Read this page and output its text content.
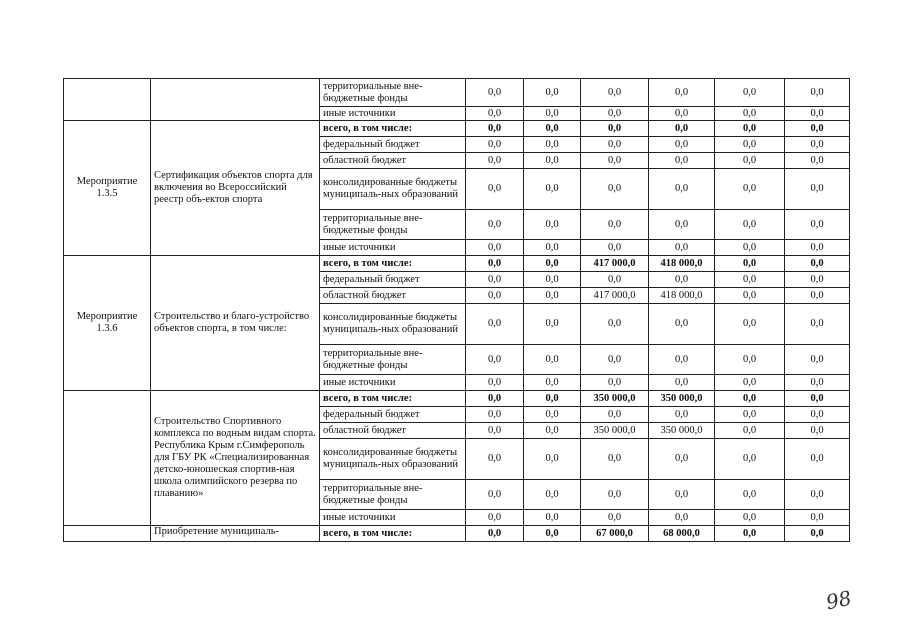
		территориальные вне-бюджетные фонды	0,0	0,0	0,0	0,0	0,0	0,0
		иные источники	0,0	0,0	0,0	0,0	0,0	0,0
Мероприятие 1.3.5	Сертификация объектов спорта для включения во Всероссийский реестр объ-ектов спорта	всего, в том числе:	0,0	0,0	0,0	0,0	0,0	0,0
		федеральный бюджет	0,0	0,0	0,0	0,0	0,0	0,0
		областной бюджет	0,0	0,0	0,0	0,0	0,0	0,0
		консолидированные бюджеты муниципаль-ных образований	0,0	0,0	0,0	0,0	0,0	0,0
		территориальные вне-бюджетные фонды	0,0	0,0	0,0	0,0	0,0	0,0
		иные источники	0,0	0,0	0,0	0,0	0,0	0,0
Мероприятие 1.3.6	Строительство и благо-устройство объектов спорта, в том числе:	всего, в том числе:	0,0	0,0	417 000,0	418 000,0	0,0	0,0
		федеральный бюджет	0,0	0,0	0,0	0,0	0,0	0,0
		областной бюджет	0,0	0,0	417 000,0	418 000,0	0,0	0,0
		консолидированные бюджеты муниципаль-ных образований	0,0	0,0	0,0	0,0	0,0	0,0
		территориальные вне-бюджетные фонды	0,0	0,0	0,0	0,0	0,0	0,0
		иные источники	0,0	0,0	0,0	0,0	0,0	0,0
	Строительство Спортивного комплекса по водным видам спорта. Республика Крым г.Симферополь для ГБУ РК «Специализированная детско-юношеская спортив-ная школа олимпийского резерва по плаванию»	всего, в том числе:	0,0	0,0	350 000,0	350 000,0	0,0	0,0
		федеральный бюджет	0,0	0,0	0,0	0,0	0,0	0,0
		областной бюджет	0,0	0,0	350 000,0	350 000,0	0,0	0,0
		консолидированные бюджеты муниципаль-ных образований	0,0	0,0	0,0	0,0	0,0	0,0
		территориальные вне-бюджетные фонды	0,0	0,0	0,0	0,0	0,0	0,0
		иные источники	0,0	0,0	0,0	0,0	0,0	0,0
	Приобретение муниципаль-	всего, в том числе:	0,0	0,0	67 000,0	68 000,0	0,0	0,0
98
